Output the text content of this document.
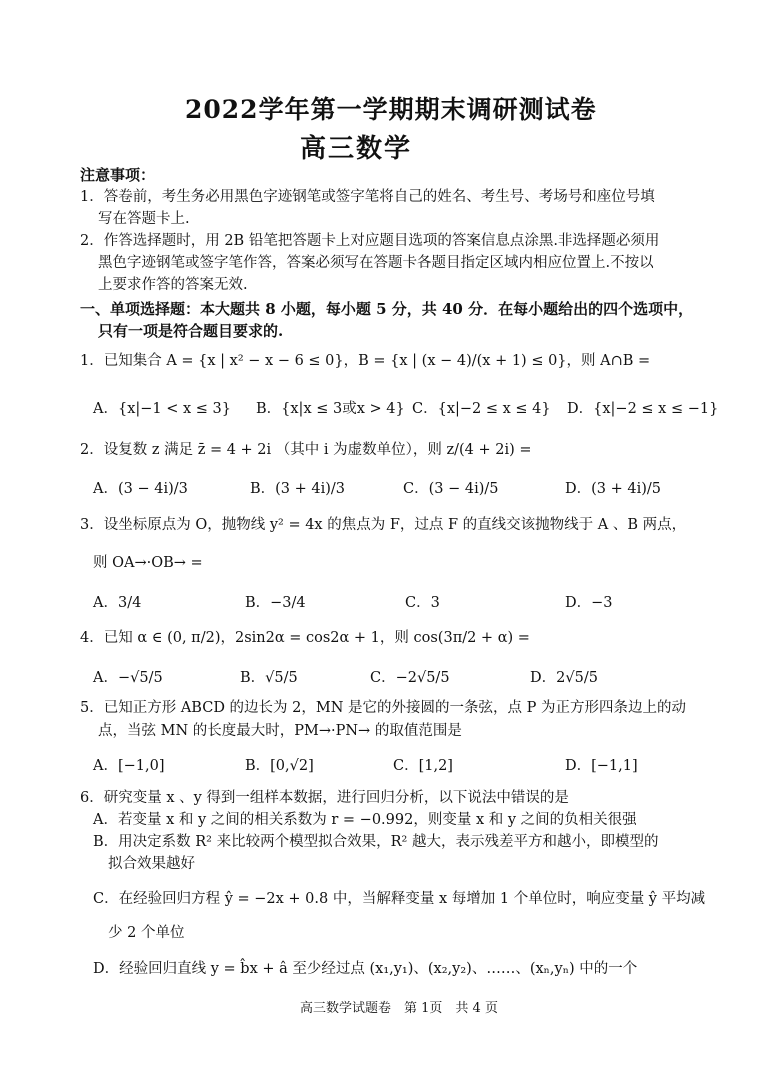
2022学年第一学期期末调研测试卷
高三数学
注意事项：
1．答卷前，考生务必用黑色字迹钢笔或签字笔将自己的姓名、考生号、考场号和座位号填
写在答题卡上.
2．作答选择题时，用 2B 铅笔把答题卡上对应题目选项的答案信息点涂黑.非选择题必须用
黑色字迹钢笔或签字笔作答，答案必须写在答题卡各题目指定区域内相应位置上.不按以
上要求作答的答案无效.
一、单项选择题：本大题共 8 小题，每小题 5 分，共 40 分．在每小题给出的四个选项中，
只有一项是符合题目要求的.
1．已知集合 A = {x | x² − x − 6 ≤ 0}，B = {x | (x − 4)/(x + 1) ≤ 0}，则 A∩B =
A．{x|−1 < x ≤ 3} B．{x|x ≤ 3或x > 4} C．{x|−2 ≤ x ≤ 4} D．{x|−2 ≤ x ≤ −1}
2．设复数 z 满足 z̄ = 4 + 2i （其中 i 为虚数单位），则 z/(4 + 2i) =
A．(3 − 4i)/3	B．(3 + 4i)/3	C．(3 − 4i)/5	D．(3 + 4i)/5
3．设坐标原点为 O，抛物线 y² = 4x 的焦点为 F，过点 F 的直线交该抛物线于 A 、B 两点，
则 OA→·OB→ =
A．3/4	B．−3/4	C．3	D．−3
4．已知 α ∈ (0, π/2)，2sin2α = cos2α + 1，则 cos(3π/2 + α) =
A．−√5/5	B．√5/5	C．−2√5/5	D．2√5/5
5．已知正方形 ABCD 的边长为 2，MN 是它的外接圆的一条弦，点 P 为正方形四条边上的动
点，当弦 MN 的长度最大时，PM→·PN→ 的取值范围是
A．[−1,0]	B．[0,√2]	C．[1,2]	D．[−1,1]
6．研究变量 x 、y 得到一组样本数据，进行回归分析，以下说法中错误的是
A．若变量 x 和 y 之间的相关系数为 r = −0.992，则变量 x 和 y 之间的负相关很强
B．用决定系数 R² 来比较两个模型拟合效果，R² 越大，表示残差平方和越小，即模型的
拟合效果越好
C．在经验回归方程 ŷ = −2x + 0.8 中，当解释变量 x 每增加 1 个单位时，响应变量 ŷ 平均减
少 2 个单位
D．经验回归直线 y = b̂x + â 至少经过点 (x₁,y₁)、(x₂,y₂)、……、(xₙ,yₙ) 中的一个
高三数学试题卷　第 1页　共 4 页
